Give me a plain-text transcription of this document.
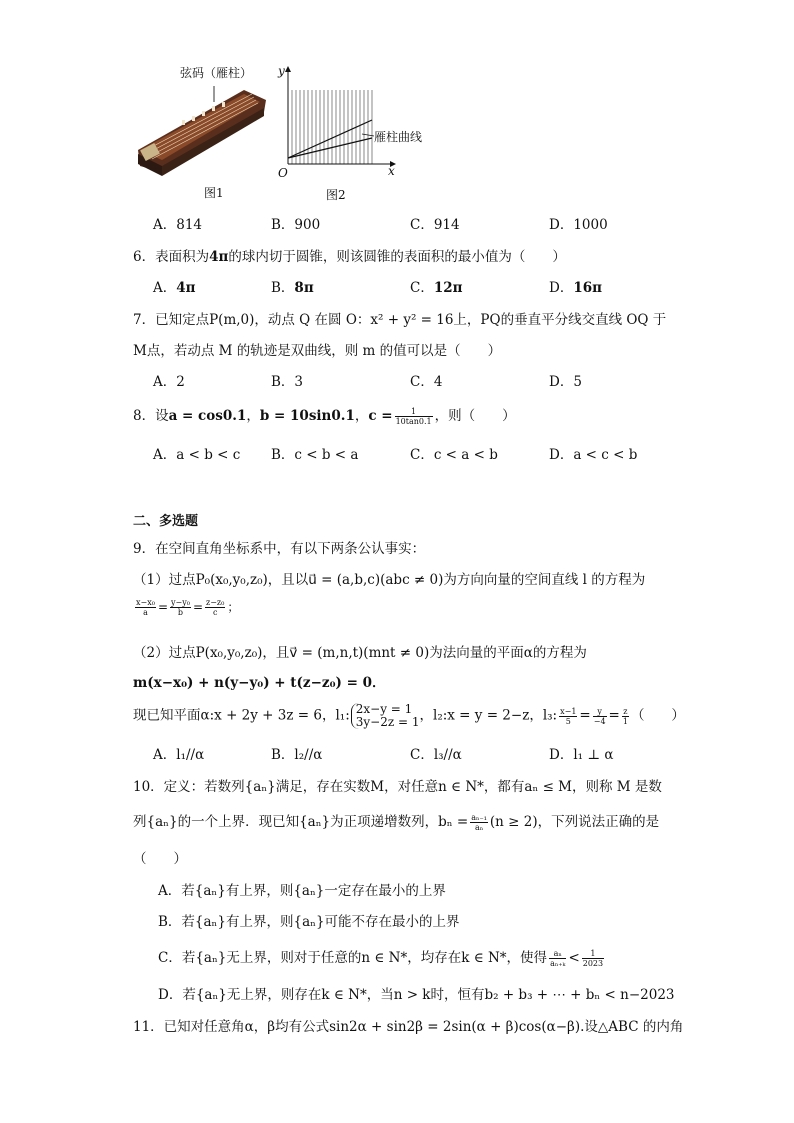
弦码（雁柱）
图1
y
x
O
雁柱曲线
图2
A．814	B．900	C．914	D．1000
6．表面积为4π的球内切于圆锥，则该圆锥的表面积的最小值为（　　）
A．4π	B．8π	C．12π	D．16π
7．已知定点P(m,0)，动点 Q 在圆 O：x² + y² = 16上，PQ的垂直平分线交直线 OQ 于
M点，若动点 M 的轨迹是双曲线，则 m 的值可以是（　　）
A．2	B．3	C．4	D．5
8．设a = cos0.1，b = 10sin0.1，$c = \frac{1}{10\tan 0.1}$ ，则（　　）
A．a < b < c B．c < b < a	C．c < a < b	D．a < c < b
二、多选题
9．在空间直角坐标系中，有以下两条公认事实：
（1）过点P₀(x₀,y₀,z₀)，且以u⃗ = (a,b,c)(abc ≠ 0)为方向向量的空间直线 l 的方程为
$\frac{\text{x−x₀}}{a} = \frac{\text{y−y₀}}{b} = \frac{\text{z−z₀}}{c}$ ；
（2）过点P(x₀,y₀,z₀)，且v⃗ = (m,n,t)(mnt ≠ 0)为法向量的平面α的方程为
m(x−x₀) + n(y−y₀) + t(z−z₀) = 0．
现已知平面α:x + 2y + 3z = 6，l₁: 2x−y = 1
3y−2z = 1 ，l₂:x = y = 2−z，l₃: $\frac{x-1}{5} = \frac{y}{-4} = \frac{z}{1}$ （　　）
A．l₁//α	B．l₂//α	C．l₃//α	D．l₁ ⊥ α
10．定义：若数列{aₙ}满足，存在实数M，对任意n ∈ N*，都有aₙ ≤ M，则称 M 是数
列{aₙ}的一个上界．现已知{aₙ}为正项递增数列，$b_n = \frac{\text{aₙ₋₁}}{\text{aₙ}} (n \ge 2)$，下列说法正确的是
（　　）
A．若{aₙ}有上界，则{aₙ}一定存在最小的上界
B．若{aₙ}有上界，则{aₙ}可能不存在最小的上界
C．若{aₙ}无上界，则对于任意的n ∈ N*，均存在k ∈ N*，使得 $\frac{\text{aₙ}}{\text{aₙ₊ₖ}} < \frac{1}{2023}$
D．若{aₙ}无上界，则存在k ∈ N*，当n > k时，恒有b₂ + b₃ + ⋯ + bₙ < n−2023
11．已知对任意角α，β均有公式sin2α + sin2β = 2sin(α + β)cos(α−β).设△ABC 的内角
